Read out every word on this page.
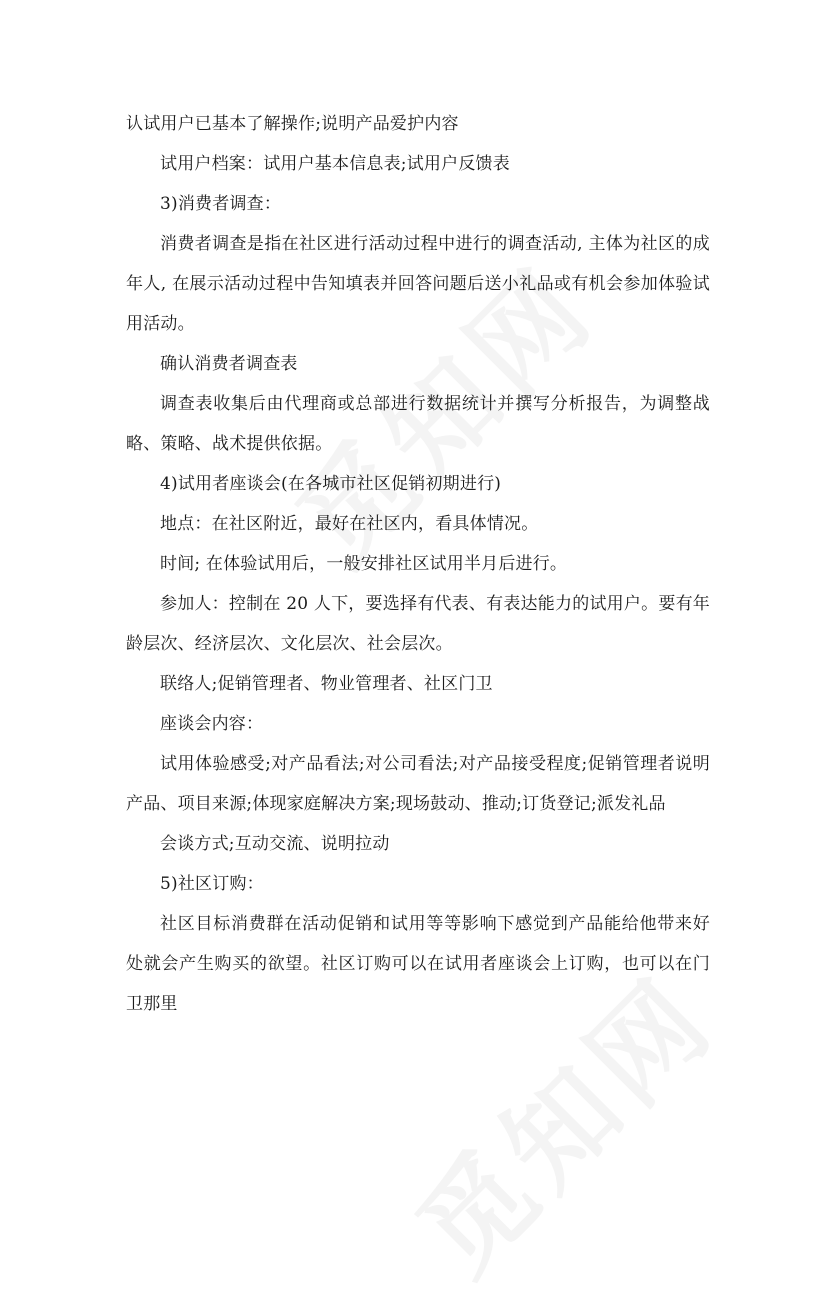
认试用户已基本了解操作;说明产品爱护内容

试用户档案：试用户基本信息表;试用户反馈表

3)消费者调查：

消费者调查是指在社区进行活动过程中进行的调查活动, 主体为社区的成年人, 在展示活动过程中告知填表并回答问题后送小礼品或有机会参加体验试用活动。

确认消费者调查表

调查表收集后由代理商或总部进行数据统计并撰写分析报告，为调整战略、策略、战术提供依据。

4)试用者座谈会(在各城市社区促销初期进行)

地点：在社区附近，最好在社区内，看具体情况。

时间; 在体验试用后，一般安排社区试用半月后进行。

参加人：控制在 20 人下，要选择有代表、有表达能力的试用户。要有年龄层次、经济层次、文化层次、社会层次。

联络人;促销管理者、物业管理者、社区门卫

座谈会内容：

试用体验感受;对产品看法;对公司看法;对产品接受程度;促销管理者说明产品、项目来源;体现家庭解决方案;现场鼓动、推动;订货登记;派发礼品

会谈方式;互动交流、说明拉动

5)社区订购：

社区目标消费群在活动促销和试用等等影响下感觉到产品能给他带来好处就会产生购买的欲望。社区订购可以在试用者座谈会上订购，也可以在门卫那里
